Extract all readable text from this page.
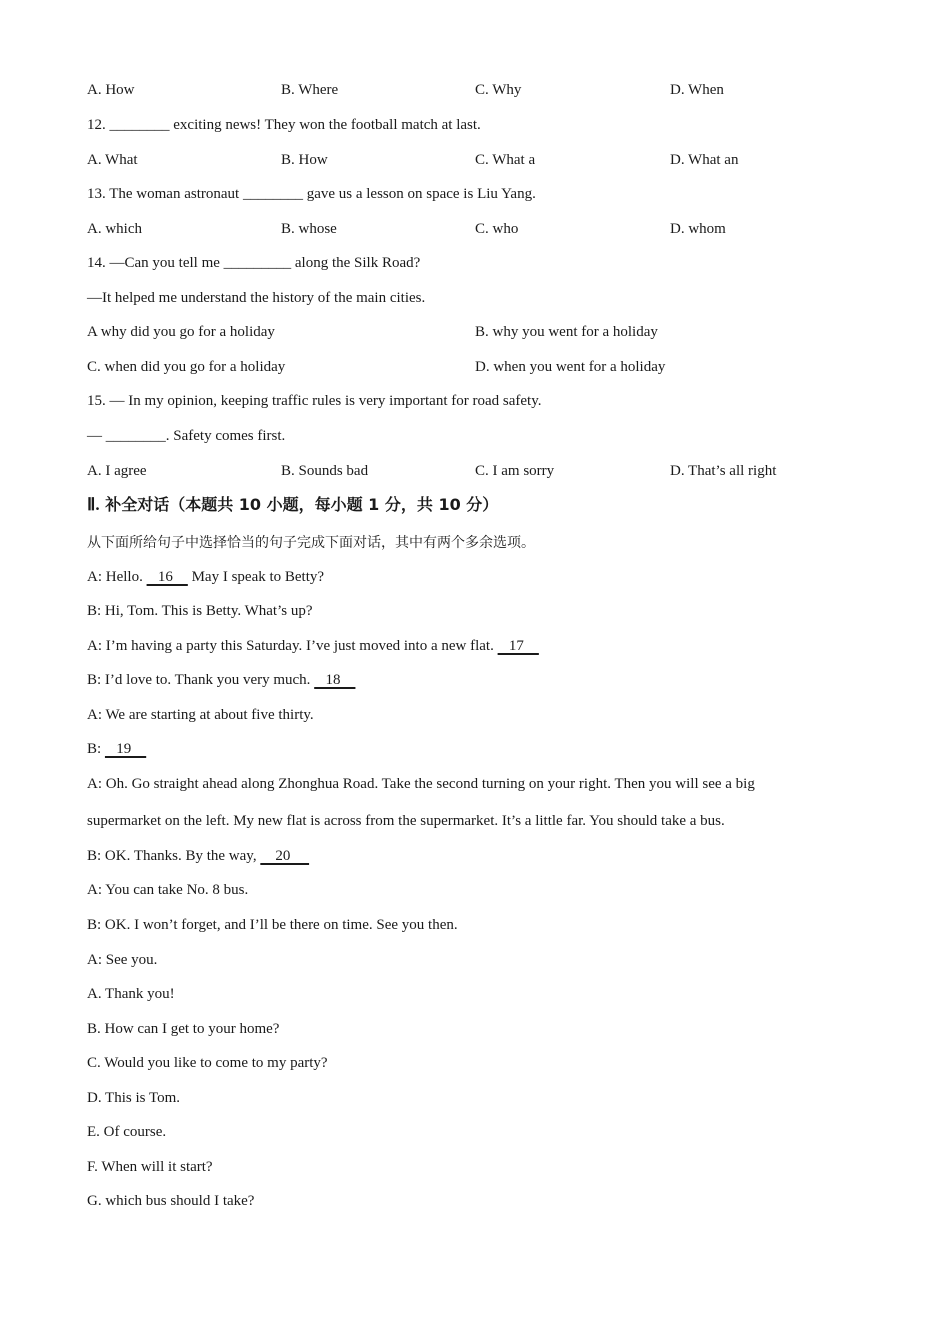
A. How	B. Where	C. Why	D. When
12. ________ exciting news! They won the football match at last.
A. What	B. How	C. What a	D. What an
13. The woman astronaut ________ gave us a lesson on space is Liu Yang.
A. which	B. whose	C. who	D. whom
14. —Can you tell me _________ along the Silk Road?
—It helped me understand the history of the main cities.
A why did you go for a holiday	B. why you went for a holiday
C. when did you go for a holiday	D. when you went for a holiday
15. — In my opinion, keeping traffic rules is very important for road safety.
— ________. Safety comes first.
A. I agree	B. Sounds bad	C. I am sorry	D. That’s all right
Ⅱ. 补全对话（本题共 10 小题，每小题 1 分，共 10 分）
从下面所给句子中选择恰当的句子完成下面对话，其中有两个多余选项。
A: Hello.    16     May I speak to Betty?
B: Hi, Tom. This is Betty. What’s up?
A: I’m having a party this Saturday. I’ve just moved into a new flat.    17
B: I’d love to. Thank you very much.    18
A: We are starting at about five thirty.
B:    19
A: Oh. Go straight ahead along Zhonghua Road. Take the second turning on your right. Then you will see a big
supermarket on the left. My new flat is across from the supermarket. It’s a little far. You should take a bus.
B: OK. Thanks. By the way,     20
A: You can take No. 8 bus.
B: OK. I won’t forget, and I’ll be there on time. See you then.
A: See you.
A. Thank you!
B. How can I get to your home?
C. Would you like to come to my party?
D. This is Tom.
E. Of course.
F. When will it start?
G. which bus should I take?
